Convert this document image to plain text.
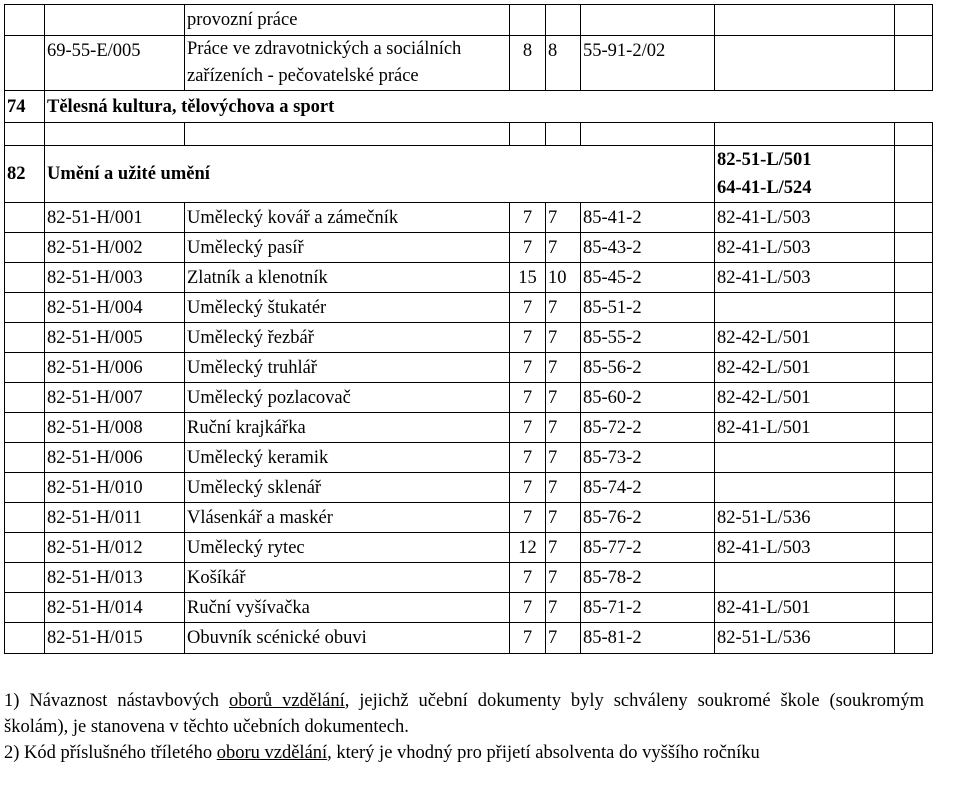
		provozní práce					
	69-55-E/005	Práce ve zdravotnických a sociálních zařízeních - pečovatelské práce	8	8	55-91-2/02		
74	Tělesná kultura, tělovýchova a sport						

82	Umění a užité umění					82-51-L/501
64-41-L/524	

	82-51-H/001	Umělecký kovář a zámečník	7	7	85-41-2	82-41-L/503	
	82-51-H/002	Umělecký pasíř	7	7	85-43-2	82-41-L/503	
	82-51-H/003	Zlatník a klenotník	15	10	85-45-2	82-41-L/503	
	82-51-H/004	Umělecký štukatér	7	7	85-51-2		
	82-51-H/005	Umělecký řezbář	7	7	85-55-2	82-42-L/501	
	82-51-H/006	Umělecký truhlář	7	7	85-56-2	82-42-L/501	
	82-51-H/007	Umělecký pozlacovač	7	7	85-60-2	82-42-L/501	
	82-51-H/008	Ruční krajkářka	7	7	85-72-2	82-41-L/501	
	82-51-H/006	Umělecký keramik	7	7	85-73-2		
	82-51-H/010	Umělecký sklenář	7	7	85-74-2		
	82-51-H/011	Vlásenkář a maskér	7	7	85-76-2	82-51-L/536	
	82-51-H/012	Umělecký rytec	12	7	85-77-2	82-41-L/503	
	82-51-H/013	Košíkář	7	7	85-78-2		
	82-51-H/014	Ruční vyšívačka	7	7	85-71-2	82-41-L/501	
	82-51-H/015	Obuvník scénické obuvi	7	7	85-81-2	82-51-L/536	

1) Návaznost nástavbových oborů vzdělání, jejichž učební dokumenty byly schváleny soukromé škole (soukromým školám), je stanovena v těchto učebních dokumentech.

2) Kód příslušného tříletého oboru vzdělání, který je vhodný pro přijetí absolventa do vyššího ročníku
